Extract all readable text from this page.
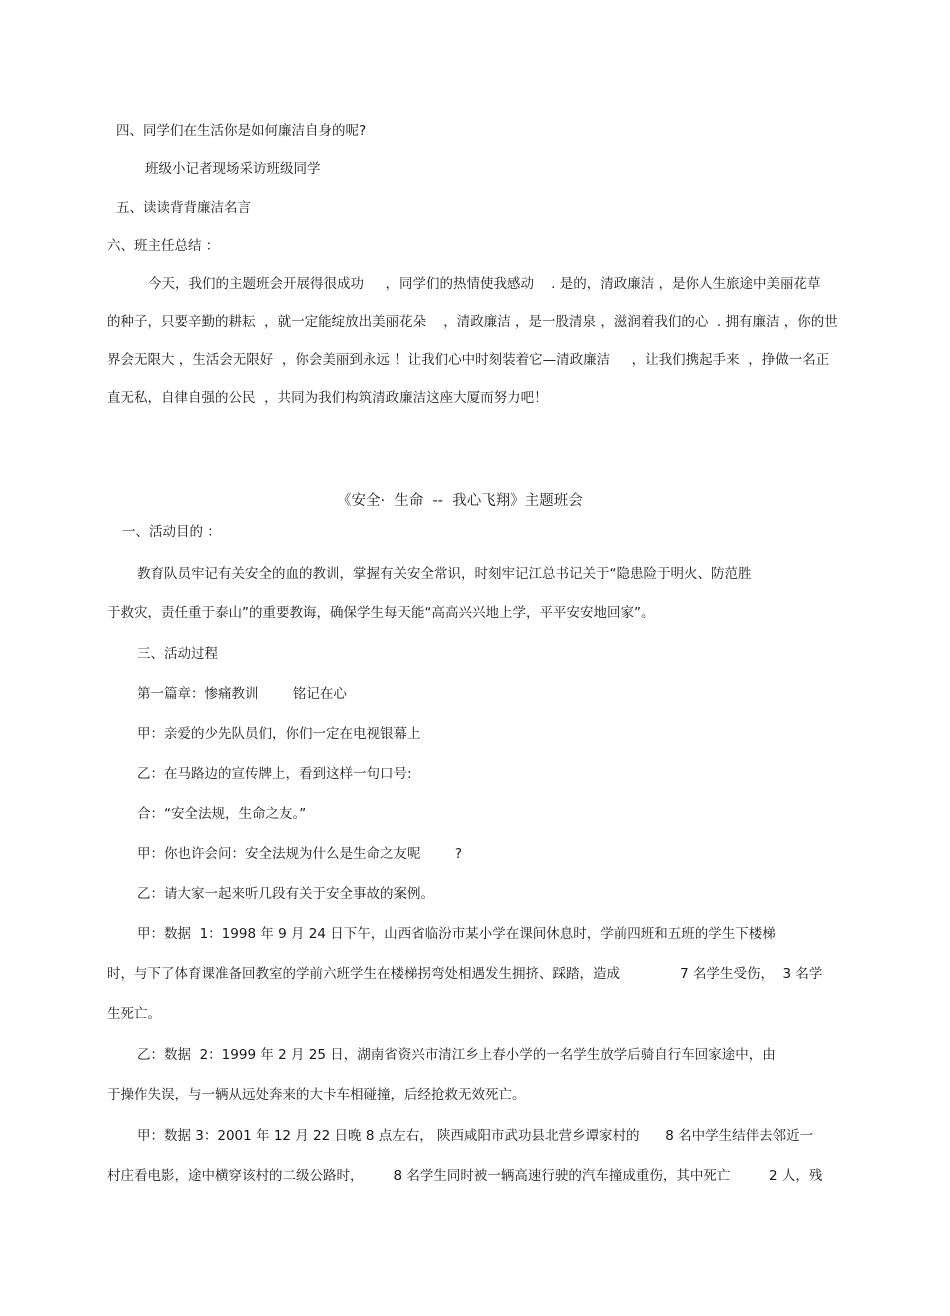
四、同学们在生活你是如何廉洁自身的呢?
班级小记者现场采访班级同学
五、读读背背廉洁名言
六、班主任总结 ：
今天，我们的主题班会开展得很成功     ，同学们的热情使我感动    . 是的，清政廉洁 ，是你人生旅途中美丽花草
的种子，只要辛勤的耕耘  ，就一定能绽放出美丽花朵    ，清政廉洁 ，是一股清泉 ，滋润着我们的心  . 拥有廉洁 ，你的世
界会无限大 ，生活会无限好  ，你会美丽到永远 ！让我们心中时刻装着它—清政廉洁     ，让我们携起手来  ，挣做一名正
直无私，自律自强的公民  ，共同为我们构筑清政廉洁这座大厦而努力吧！
《安全·  生命  --  我心飞翔》主题班会
一、活动目的 ：
教育队员牢记有关安全的血的教训，掌握有关安全常识，时刻牢记江总书记关于“隐患险于明火、防范胜
于救灾，责任重于泰山”的重要教诲，确保学生每天能“高高兴兴地上学，平平安安地回家”。
三、活动过程
第一篇章：惨痛教训        铭记在心
甲：亲爱的少先队员们，你们一定在电视银幕上
乙：在马路边的宣传牌上，看到这样一句口号:
合：“安全法规，生命之友。”
甲：你也许会问：安全法规为什么是生命之友呢        ?
乙：请大家一起来听几段有关于安全事故的案例。
甲：数据  1：1998 年 9 月 24 日下午，山西省临汾市某小学在课间休息时，学前四班和五班的学生下楼梯
时，与下了体育课准备回教室的学前六班学生在楼梯拐弯处相遇发生拥挤、踩踏，造成              7 名学生受伤，  3 名学
生死亡。
乙：数据  2：1999 年 2 月 25 日，湖南省资兴市清江乡上春小学的一名学生放学后骑自行车回家途中，由
于操作失误，与一辆从远处奔来的大卡车相碰撞，后经抢救无效死亡。
甲：数据 3：2001 年 12 月 22 日晚 8 点左右， 陕西咸阳市武功县北营乡谭家村的      8 名中学生结伴去邻近一
村庄看电影，途中横穿该村的二级公路时，       8 名学生同时被一辆高速行驶的汽车撞成重伤，其中死亡         2 人，残
